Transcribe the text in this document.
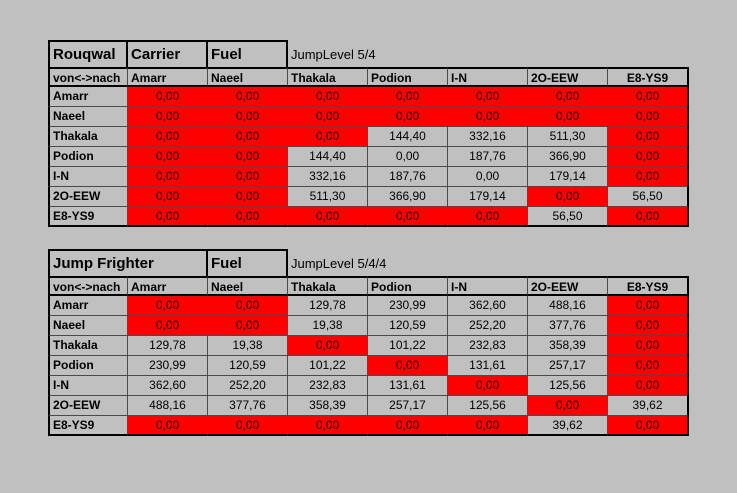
Rouqwal	Carrier	Fuel	JumpLevel 5/4
von<->nach Amarr	Naeel	Thakala	Podion	I-N	2O-EEW	E8-YS9
Amarr	0,00	0,00	0,00	0,00	0,00	0,00	0,00
Naeel	0,00	0,00	0,00	0,00	0,00	0,00	0,00
Thakala	0,00	0,00	0,00	144,40	332,16	511,30	0,00
Podion	0,00	0,00	144,40	0,00	187,76	366,90	0,00
I-N	0,00	0,00	332,16	187,76	0,00	179,14	0,00
2O-EEW	0,00	0,00	511,30	366,90	179,14	0,00	56,50
E8-YS9	0,00	0,00	0,00	0,00	0,00	56,50	0,00
Jump Frighter	Fuel	JumpLevel 5/4/4
von<->nach Amarr	Naeel	Thakala	Podion	I-N	2O-EEW	E8-YS9
Amarr	0,00	0,00	129,78	230,99	362,60	488,16	0,00
Naeel	0,00	0,00	19,38	120,59	252,20	377,76	0,00
Thakala	129,78	19,38	0,00	101,22	232,83	358,39	0,00
Podion	230,99	120,59	101,22	0,00	131,61	257,17	0,00
I-N	362,60	252,20	232,83	131,61	0,00	125,56	0,00
2O-EEW	488,16	377,76	358,39	257,17	125,56	0,00	39,62
E8-YS9	0,00	0,00	0,00	0,00	0,00	39,62	0,00
